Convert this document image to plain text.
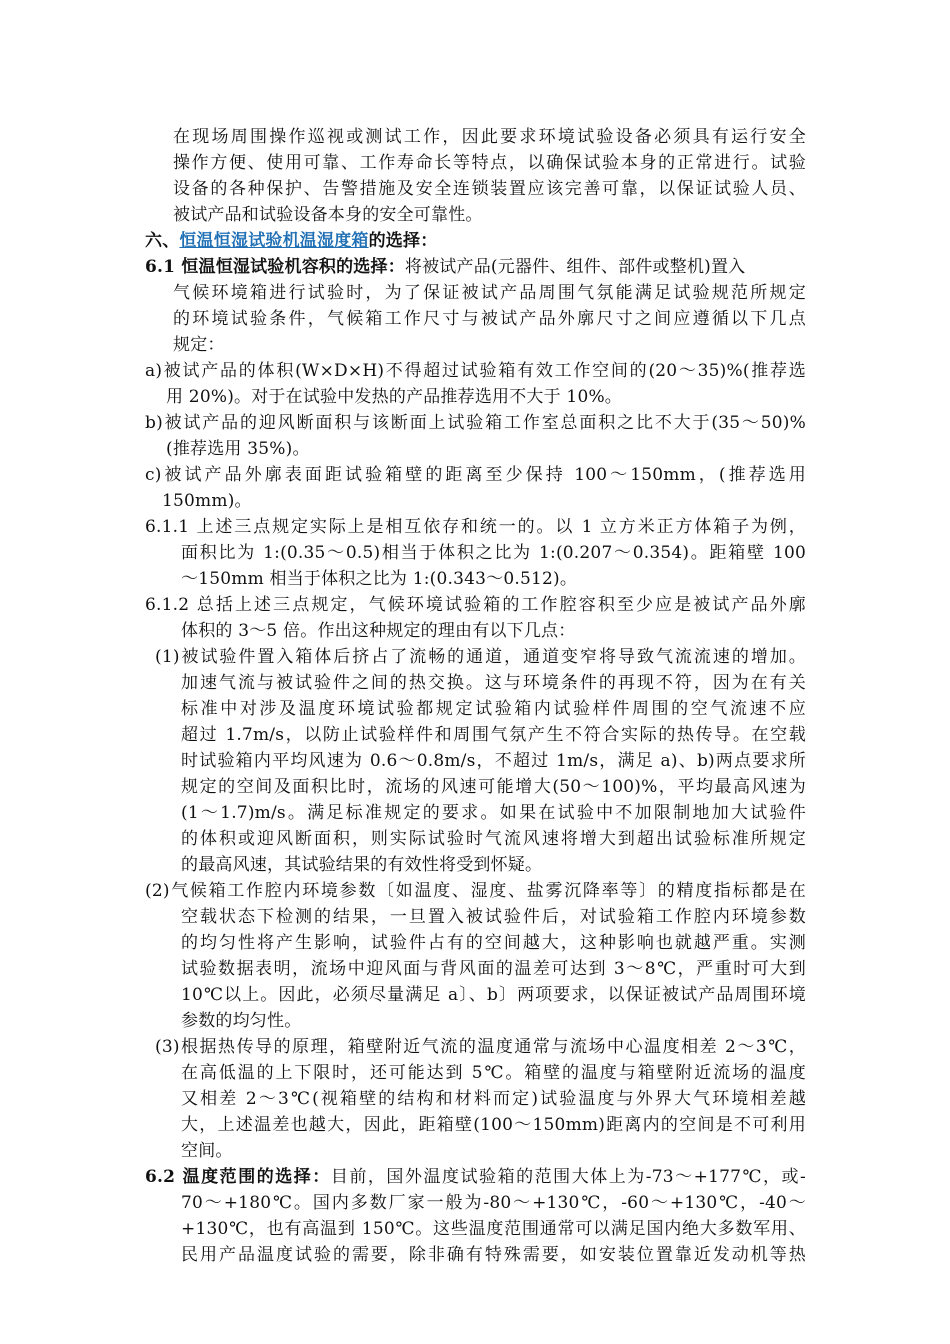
在现场周围操作巡视或测试工作，因此要求环境试验设备必须具有运行安全
操作方便、使用可靠、工作寿命长等特点，以确保试验本身的正常进行。试验
设备的各种保护、告警措施及安全连锁装置应该完善可靠，以保证试验人员、
被试产品和试验设备本身的安全可靠性。
六、恒温恒湿试验机温湿度箱的选择：
6.1 恒温恒湿试验机容积的选择：将被试产品(元器件、组件、部件或整机)置入
气候环境箱进行试验时，为了保证被试产品周围气氛能满足试验规范所规定
的环境试验条件，气候箱工作尺寸与被试产品外廓尺寸之间应遵循以下几点
规定：
a)被试产品的体积(W×D×H)不得超过试验箱有效工作空间的(20～35)%(推荐选
用 20%)。对于在试验中发热的产品推荐选用不大于 10%。
b)被试产品的迎风断面积与该断面上试验箱工作室总面积之比不大于(35～50)%
(推荐选用 35%)。
c)被试产品外廓表面距试验箱壁的距离至少保持 100～150mm，(推荐选用
150mm)。
6.1.1 上述三点规定实际上是相互依存和统一的。以 1 立方米正方体箱子为例，
面积比为 1:(0.35～0.5)相当于体积之比为 1:(0.207～0.354)。距箱壁 100
～150mm 相当于体积之比为 1:(0.343～0.512)。
6.1.2 总括上述三点规定，气候环境试验箱的工作腔容积至少应是被试产品外廓
体积的 3～5 倍。作出这种规定的理由有以下几点：
(1)被试验件置入箱体后挤占了流畅的通道，通道变窄将导致气流流速的增加。
加速气流与被试验件之间的热交换。这与环境条件的再现不符，因为在有关
标准中对涉及温度环境试验都规定试验箱内试验样件周围的空气流速不应
超过 1.7m/s，以防止试验样件和周围气氛产生不符合实际的热传导。在空载
时试验箱内平均风速为 0.6～0.8m/s，不超过 1m/s，满足 a)、b)两点要求所
规定的空间及面积比时，流场的风速可能增大(50～100)%，平均最高风速为
(1～1.7)m/s。满足标准规定的要求。如果在试验中不加限制地加大试验件
的体积或迎风断面积，则实际试验时气流风速将增大到超出试验标准所规定
的最高风速，其试验结果的有效性将受到怀疑。
(2)气候箱工作腔内环境参数〔如温度、湿度、盐雾沉降率等〕的精度指标都是在
空载状态下检测的结果，一旦置入被试验件后，对试验箱工作腔内环境参数
的均匀性将产生影响，试验件占有的空间越大，这种影响也就越严重。实测
试验数据表明，流场中迎风面与背风面的温差可达到 3～8℃，严重时可大到
10℃以上。因此，必须尽量满足 a〕、b〕两项要求，以保证被试产品周围环境
参数的均匀性。
(3)根据热传导的原理，箱壁附近气流的温度通常与流场中心温度相差 2～3℃，
在高低温的上下限时，还可能达到 5℃。箱壁的温度与箱壁附近流场的温度
又相差 2～3℃(视箱壁的结构和材料而定)试验温度与外界大气环境相差越
大，上述温差也越大，因此，距箱壁(100～150mm)距离内的空间是不可利用
空间。
6.2 温度范围的选择：目前，国外温度试验箱的范围大体上为-73～+177℃，或-
70～+180℃。国内多数厂家一般为-80～+130℃，-60～+130℃，-40～
+130℃，也有高温到 150℃。这些温度范围通常可以满足国内绝大多数军用、
民用产品温度试验的需要，除非确有特殊需要，如安装位置靠近发动机等热
